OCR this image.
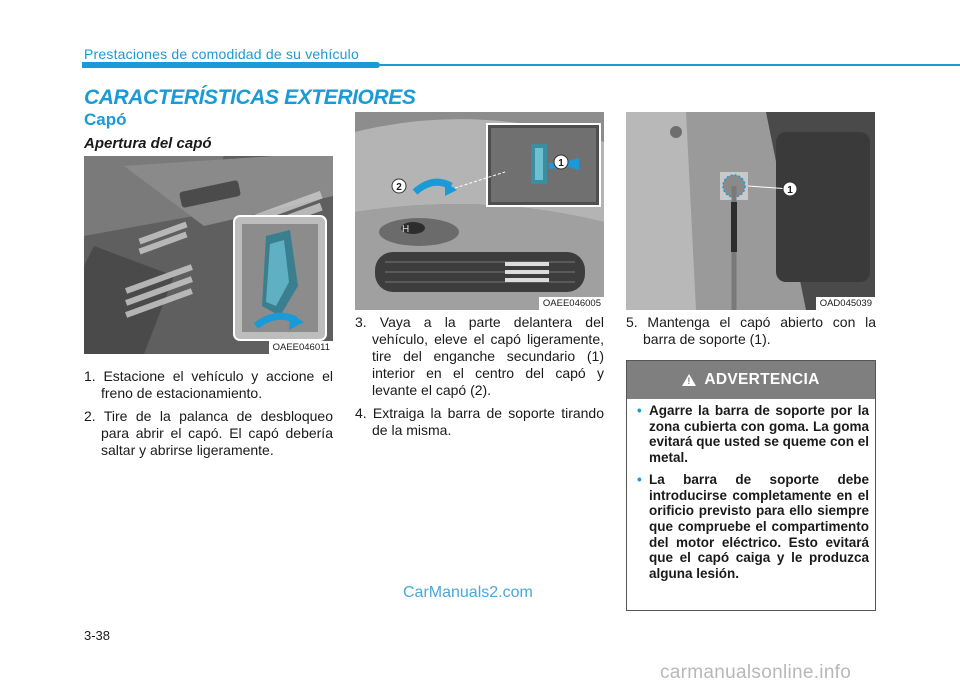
Prestaciones de comodidad de su vehículo
CARACTERÍSTICAS EXTERIORES
Capó
Apertura del capó
OAEE046011
H
2
1
OAEE046005
1
OAD045039
1. Estacione el vehículo y accione el freno de estacionamiento.
2. Tire de la palanca de desbloqueo para abrir el capó. El capó debería saltar y abrirse ligeramente.
3. Vaya a la parte delantera del vehículo, eleve el capó ligeramente, tire del enganche secundario (1) interior en el centro del capó y levante el capó (2).
4. Extraiga la barra de soporte tirando de la misma.
5. Mantenga el capó abierto con la barra de soporte (1).
! ADVERTENCIA
• Agarre la barra de soporte por la zona cubierta con goma. La goma evitará que usted se queme con el metal.
• La barra de soporte debe introducirse completamente en el orificio previsto para ello siempre que compruebe el compartimento del motor eléctrico. Esto evitará que el capó caiga y le produzca alguna lesión.
CarManuals2.com
3-38
carmanualsonline.info
